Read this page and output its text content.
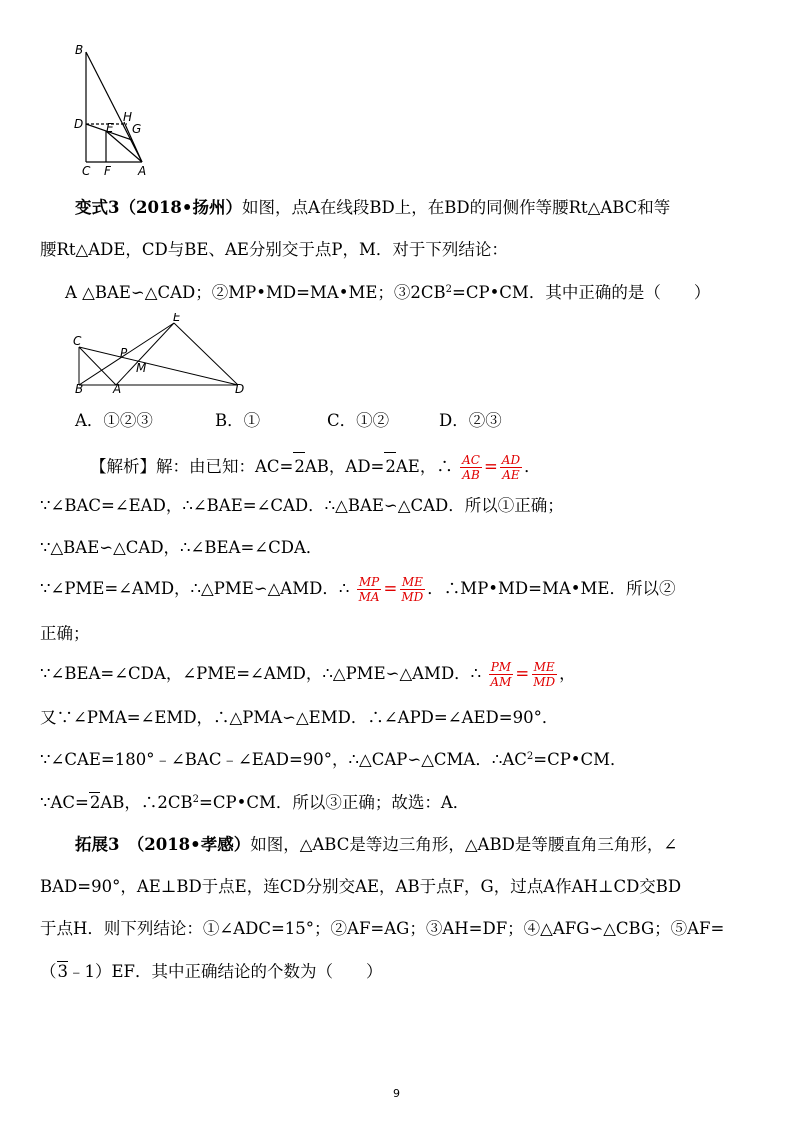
B
D E
H
G
C F A
变式3（2018•扬州）如图，点A在线段BD上，在BD的同侧作等腰Rt△ABC和等
腰Rt△ADE，CD与BE、AE分别交于点P，M．对于下列结论：
A △BAE∽△CAD；②MP•MD=MA•ME；$③2CB^2=CP•CM$．其中正确的是（　　）
E
C
P
M
B A	D
A．①②③	B．①	C．①②	D．②③
【解析】解：由已知：AC=2AB，AD=2AE，∴ $\frac{AC}{AB} = \frac{AD}{AE}$ ．
∵∠BAC=∠EAD，∴∠BAE=∠CAD．∴△BAE∽△CAD．所以①正确；
∵△BAE∽△CAD，∴∠BEA=∠CDA．
∵∠PME=∠AMD，∴△PME∽△AMD．∴ $\frac{MP}{MA} = \frac{ME}{MD}$ ．∴MP•MD=MA•ME．所以②
正确；
∵∠BEA=∠CDA，∠PME=∠AMD，∴△PME∽△AMD．∴ $\frac{PM}{AM} = \frac{ME}{MD}$ ，
又∵∠PMA=∠EMD，∴△PMA∽△EMD．∴∠APD=∠AED=90°．
∵∠CAE=180°﹣∠BAC﹣∠EAD=90°，∴△CAP∽△CMA．$\therefore AC^2=CP•CM$．
∵AC=2AB，$\therefore 2CB^2=CP•CM$．所以③正确；故选：A．
拓展3　（2018•孝感）如图，△ABC是等边三角形，△ABD是等腰直角三角形，∠
BAD=90°，AE⊥BD于点E，连CD分别交AE，AB于点F，G，过点A作AH⊥CD交BD
于点H．则下列结论：①∠ADC=15°；②AF=AG；③AH=DF；④△AFG∽△CBG；⑤AF=
（3﹣1）EF．其中正确结论的个数为（　　）
9
